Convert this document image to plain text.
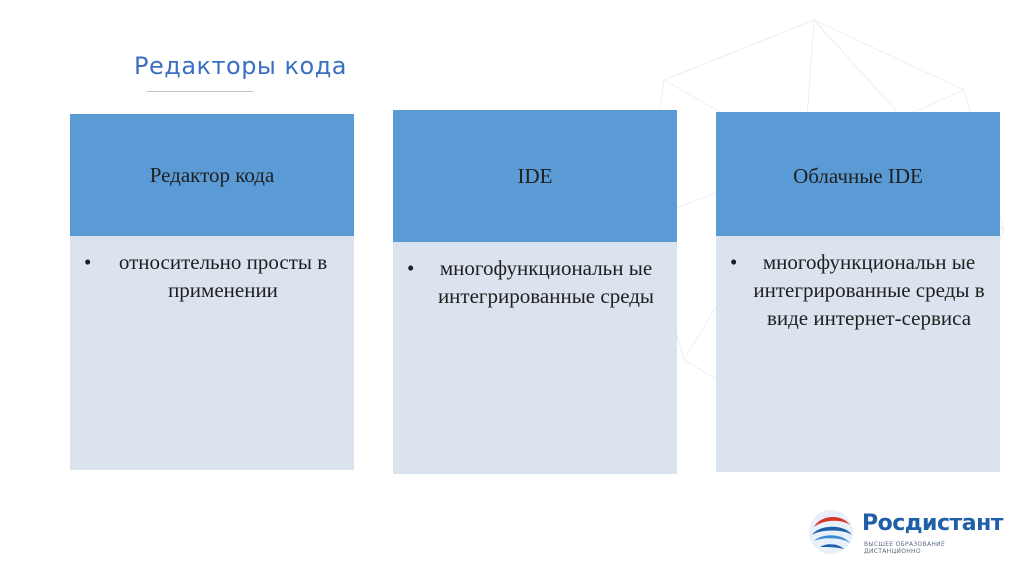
Редакторы кода
Редактор кода
• относительно просты в применении
IDE
• многофункциональн ые интегрированные среды
Облачные IDE
• многофункциональн ые интегрированные среды в виде интернет-сервиса
Росдистант
ВЫСШЕЕ ОБРАЗОВАНИЕ ДИСТАНЦИОННО
